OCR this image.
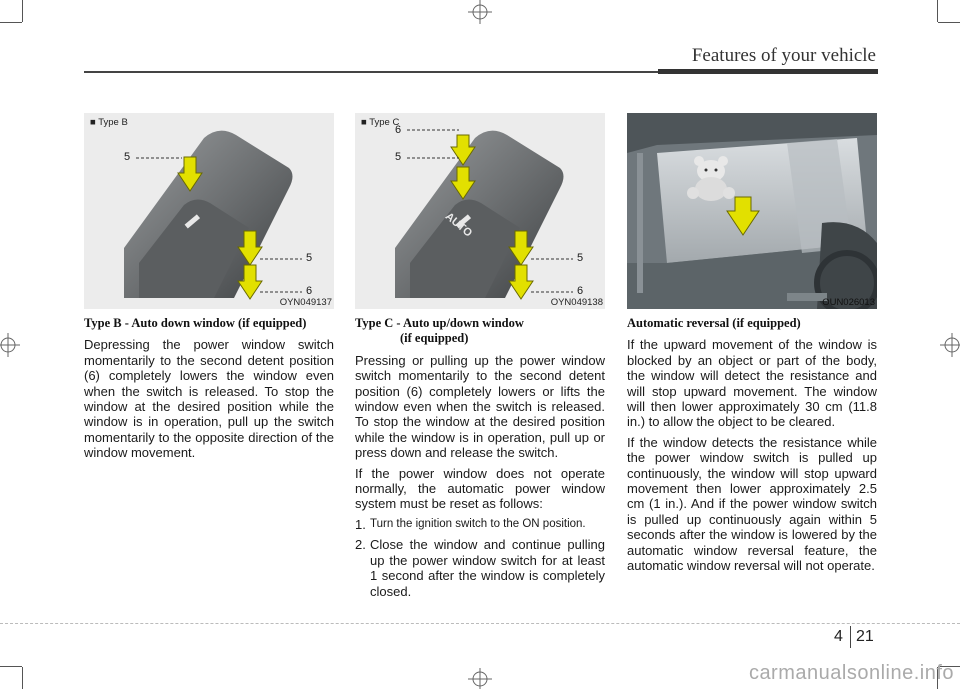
Features of your vehicle
■ Type B
5
5
6
OYN049137
AUTO
■ Type C
6
5
5
6
OYN049138	OUN026013
Type B - Auto down window (if equipped)

Depressing the power window switch momentarily to the second detent position (6) completely lowers the window even when the switch is released. To stop the window at the desired position while the window is in operation, pull up the switch momentarily to the opposite direction of the window movement.

Type C - Auto up/down window
(if equipped)

Pressing or pulling up the power window switch momentarily to the second detent position (6) completely lowers or lifts the window even when the switch is released. To stop the window at the desired position while the window is in operation, pull up or press down and release the switch.

If the power window does not operate normally, the automatic power window system must be reset as follows:

1. Turn the ignition switch to the ON position.
2. Close the window and continue pulling up the power window switch for at least 1 second after the window is completely closed.
Automatic reversal (if equipped)

If the upward movement of the window is blocked by an object or part of the body, the window will detect the resistance and will stop upward movement. The window will then lower approximately 30 cm (11.8 in.) to allow the object to be cleared.

If the window detects the resistance while the power window switch is pulled up continuously, the window will stop upward movement then lower approximately 2.5 cm (1 in.). And if the power window switch is pulled up continuously again within 5 seconds after the window is lowered by the automatic window reversal feature, the automatic window reversal will not operate.

4 21
carmanualsonline.info
